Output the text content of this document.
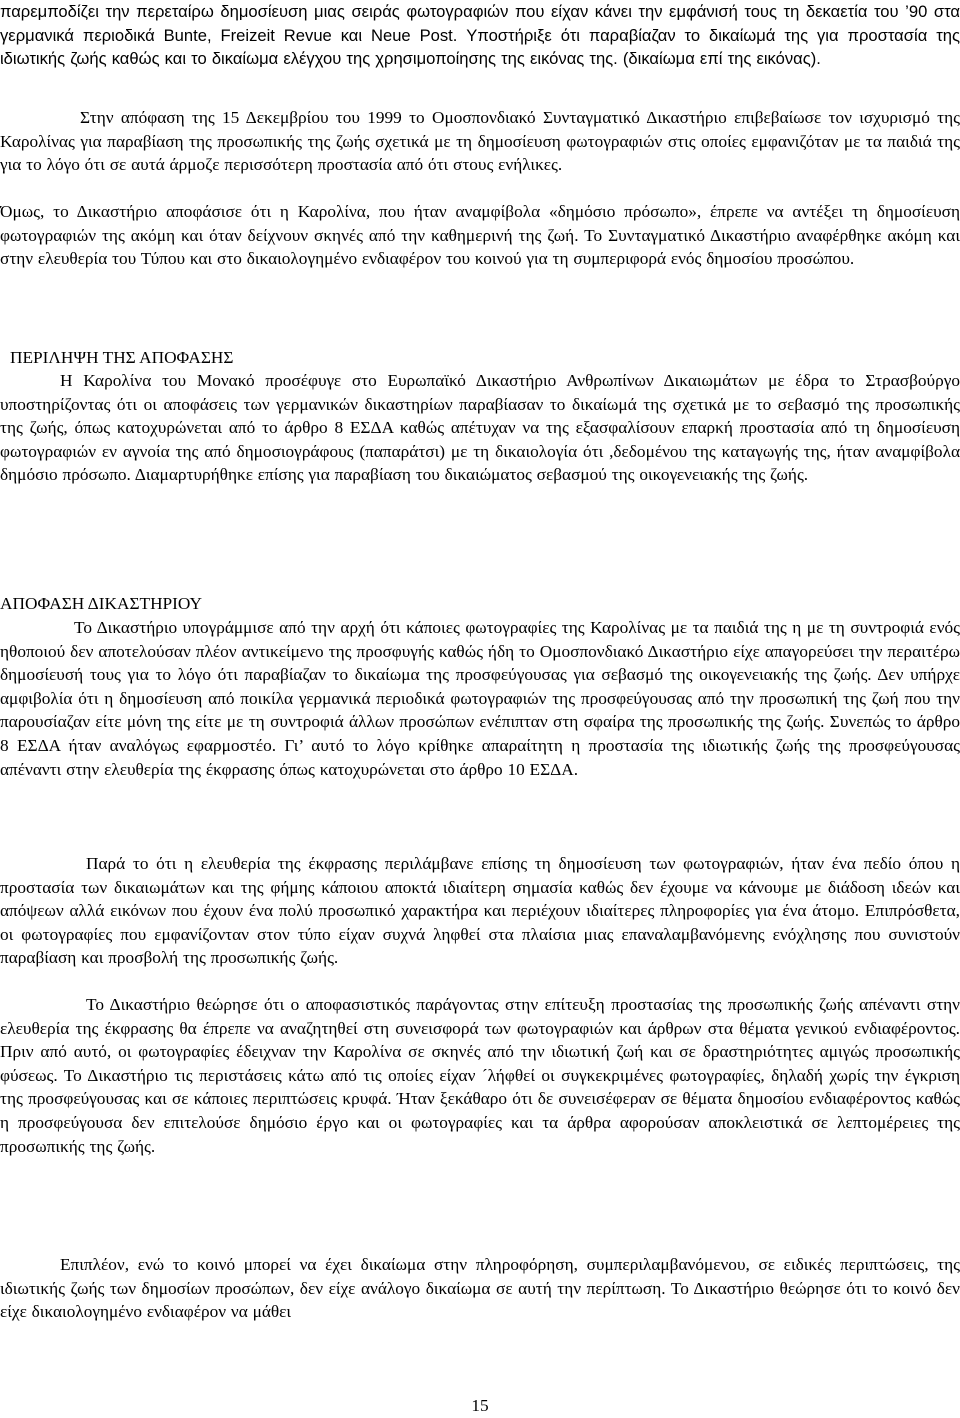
παρεμποδίζει την περεταίρω δημοσίευση μιας σειράς φωτογραφιών που είχαν κάνει την εμφάνισή τους τη δεκαετία του ’90 στα γερμανικά περιοδικά Bunte, Freizeit Revue και Neue Post. Υποστήριξε ότι παραβίαζαν το δικαίωμά της για προστασία της ιδιωτικής ζωής καθώς και το δικαίωμα ελέγχου της χρησιμοποίησης της εικόνας της. (δικαίωμα επί της εικόνας).

Στην απόφαση της 15 Δεκεμβρίου του 1999 το Ομοσπονδιακό Συνταγματικό Δικαστήριο επιβεβαίωσε τον ισχυρισμό της Καρολίνας για παραβίαση της προσωπικής της ζωής σχετικά με τη δημοσίευση φωτογραφιών στις οποίες εμφανιζόταν με τα παιδιά της για το λόγο ότι σε αυτά άρμοζε περισσότερη προστασία από ότι στους ενήλικες.

Όμως, το Δικαστήριο αποφάσισε ότι η Καρολίνα, που ήταν αναμφίβολα «δημόσιο πρόσωπο», έπρεπε να αντέξει τη δημοσίευση φωτογραφιών της ακόμη και όταν δείχνουν σκηνές από την καθημερινή της ζωή. Το Συνταγματικό Δικαστήριο αναφέρθηκε ακόμη και στην ελευθερία του Τύπου και στο δικαιολογημένο ενδιαφέρον του κοινού για τη συμπεριφορά ενός δημοσίου προσώπου.

ΠΕΡΙΛΗΨΗ ΤΗΣ ΑΠΟΦΑΣΗΣ

Η Καρολίνα του Μονακό προσέφυγε στο Ευρωπαϊκό Δικαστήριο Ανθρωπίνων Δικαιωμάτων με έδρα το Στρασβούργο υποστηρίζοντας ότι οι αποφάσεις των γερμανικών δικαστηρίων παραβίασαν το δικαίωμά της σχετικά με το σεβασμό της προσωπικής της ζωής, όπως κατοχυρώνεται από το άρθρο 8 ΕΣΔΑ καθώς απέτυχαν να της εξασφαλίσουν επαρκή προστασία από τη δημοσίευση φωτογραφιών εν αγνοία της από δημοσιογράφους (παπαράτσι) με τη δικαιολογία ότι ,δεδομένου της καταγωγής της, ήταν αναμφίβολα δημόσιο πρόσωπο. Διαμαρτυρήθηκε επίσης για παραβίαση του δικαιώματος σεβασμού της οικογενειακής της ζωής.

ΑΠΟΦΑΣΗ ΔΙΚΑΣΤΗΡΙΟΥ

Το Δικαστήριο υπογράμμισε από την αρχή ότι κάποιες φωτογραφίες της Καρολίνας με τα παιδιά της η με τη συντροφιά ενός ηθοποιού δεν αποτελούσαν πλέον αντικείμενο της προσφυγής καθώς ήδη το Ομοσπονδιακό Δικαστήριο είχε απαγορεύσει την περαιτέρω δημοσίευσή τους για το λόγο ότι παραβίαζαν το δικαίωμα της προσφεύγουσας για σεβασμό της οικογενειακής της ζωής. Δεν υπήρχε αμφιβολία ότι η δημοσίευση από ποικίλα γερμανικά περιοδικά φωτογραφιών της προσφεύγουσας από την προσωπική της ζωή που την παρουσίαζαν είτε μόνη της είτε με τη συντροφιά άλλων προσώπων ενέπιπταν στη σφαίρα της προσωπικής της ζωής. Συνεπώς το άρθρο 8 ΕΣΔΑ ήταν αναλόγως εφαρμοστέο. Γι’ αυτό το λόγο κρίθηκε απαραίτητη η προστασία της ιδιωτικής ζωής της προσφεύγουσας απέναντι στην ελευθερία της έκφρασης όπως κατοχυρώνεται στο άρθρο 10 ΕΣΔΑ.

Παρά το ότι η ελευθερία της έκφρασης περιλάμβανε επίσης τη δημοσίευση των φωτογραφιών, ήταν ένα πεδίο όπου η προστασία των δικαιωμάτων και της φήμης κάποιου αποκτά ιδιαίτερη σημασία καθώς δεν έχουμε να κάνουμε με διάδοση ιδεών και απόψεων αλλά εικόνων που έχουν ένα πολύ προσωπικό χαρακτήρα και περιέχουν ιδιαίτερες πληροφορίες για ένα άτομο. Επιπρόσθετα, οι φωτογραφίες που εμφανίζονταν στον τύπο είχαν συχνά ληφθεί στα πλαίσια μιας επαναλαμβανόμενης ενόχλησης που συνιστούν παραβίαση και προσβολή της προσωπικής ζωής.

Το Δικαστήριο θεώρησε ότι ο αποφασιστικός παράγοντας στην επίτευξη προστασίας της προσωπικής ζωής απέναντι στην ελευθερία της έκφρασης θα έπρεπε να αναζητηθεί στη συνεισφορά των φωτογραφιών και άρθρων στα θέματα γενικού ενδιαφέροντος. Πριν από αυτό, οι φωτογραφίες έδειχναν την Καρολίνα σε σκηνές από την ιδιωτική ζωή και σε δραστηριότητες αμιγώς προσωπικής φύσεως. Το Δικαστήριο τις περιστάσεις κάτω από τις οποίες είχαν ´λήφθεί οι συγκεκριμένες φωτογραφίες, δηλαδή χωρίς την έγκριση της προσφεύγουσας και σε κάποιες περιπτώσεις κρυφά. Ήταν ξεκάθαρο ότι δε συνεισέφεραν σε θέματα δημοσίου ενδιαφέροντος καθώς η προσφεύγουσα δεν επιτελούσε δημόσιο έργο και οι φωτογραφίες και τα άρθρα αφορούσαν αποκλειστικά σε λεπτομέρειες της προσωπικής της ζωής.

Επιπλέον, ενώ το κοινό μπορεί να έχει δικαίωμα στην πληροφόρηση, συμπεριλαμβανόμενου, σε ειδικές περιπτώσεις, της ιδιωτικής ζωής των δημοσίων προσώπων, δεν είχε ανάλογο δικαίωμα σε αυτή την περίπτωση. Το Δικαστήριο θεώρησε ότι το κοινό δεν είχε δικαιολογημένο ενδιαφέρον να μάθει

15
